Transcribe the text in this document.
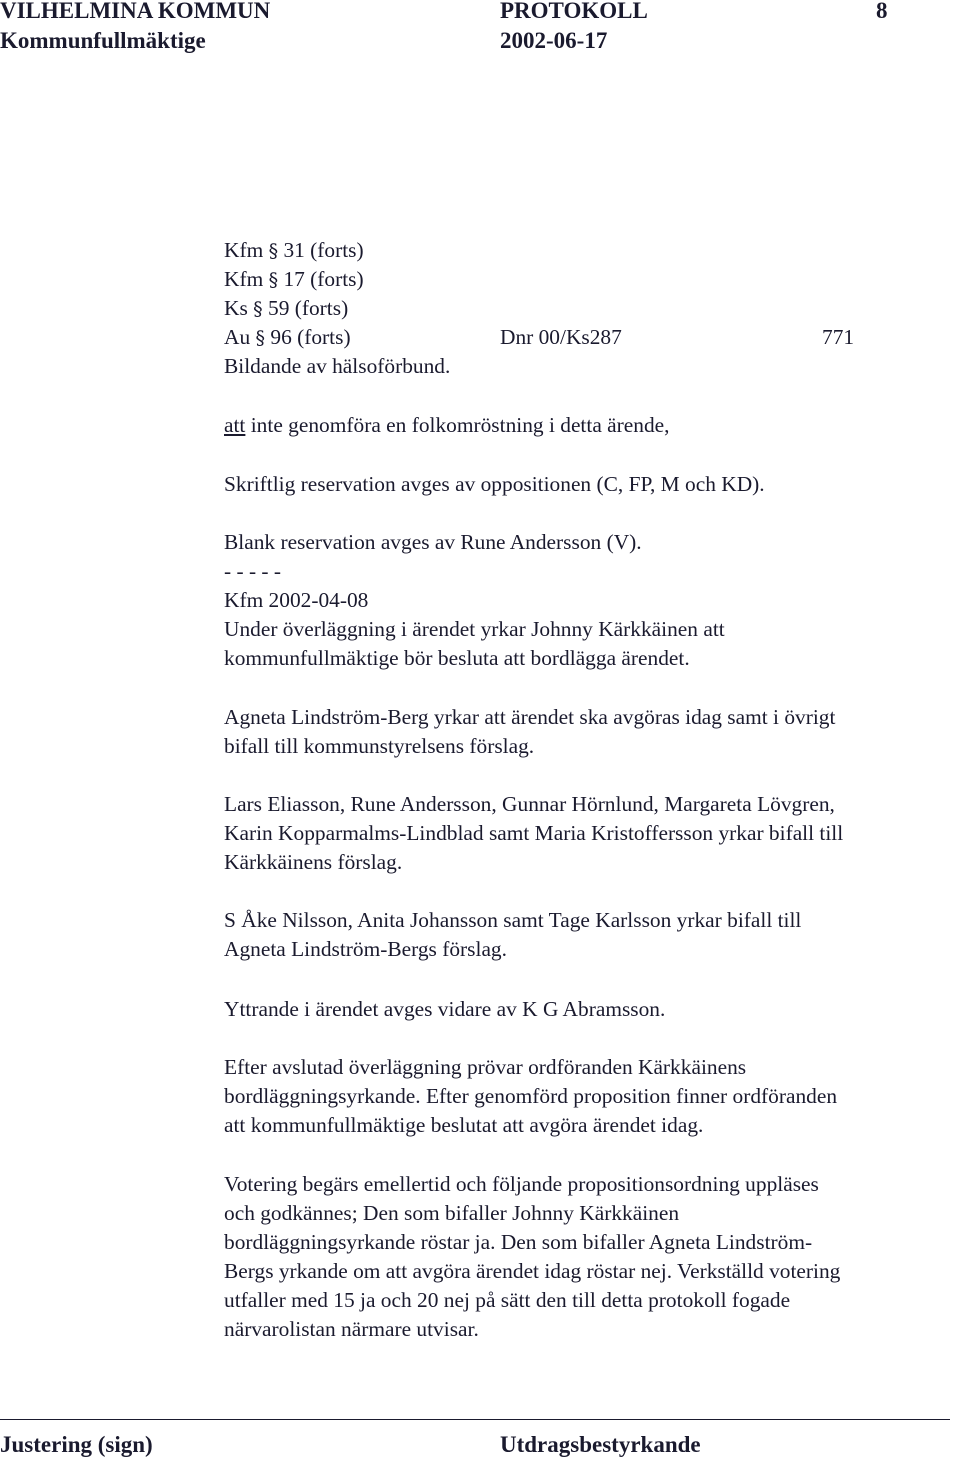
VILHELMINA KOMMUN	PROTOKOLL	8
Kommunfullmäktige	2002-06-17
Kfm § 31 (forts)
Kfm § 17 (forts)
Ks § 59 (forts)
Au § 96 (forts)	Dnr 00/Ks287	771
Bildande av hälsoförbund.
att inte genomföra en folkomröstning i detta ärende,
Skriftlig reservation avges av oppositionen (C, FP, M och KD).
Blank reservation avges av Rune Andersson (V).
- - - - -
Kfm 2002-04-08
Under överläggning i ärendet yrkar Johnny Kärkkäinen att
kommunfullmäktige bör besluta att bordlägga ärendet.
Agneta Lindström-Berg yrkar att ärendet ska avgöras idag samt i övrigt
bifall till kommunstyrelsens förslag.
Lars Eliasson, Rune Andersson, Gunnar Hörnlund, Margareta Lövgren,
Karin Kopparmalms-Lindblad samt Maria Kristoffersson yrkar bifall till
Kärkkäinens förslag.
S Åke Nilsson, Anita Johansson samt Tage Karlsson yrkar bifall till
Agneta Lindström-Bergs förslag.
Yttrande i ärendet avges vidare av K G Abramsson.
Efter avslutad överläggning prövar ordföranden Kärkkäinens
bordläggningsyrkande. Efter genomförd proposition finner ordföranden
att kommunfullmäktige beslutat att avgöra ärendet idag.
Votering begärs emellertid och följande propositionsordning uppläses
och godkännes; Den som bifaller Johnny Kärkkäinen
bordläggningsyrkande röstar ja. Den som bifaller Agneta Lindström-
Bergs yrkande om att avgöra ärendet idag röstar nej. Verkställd votering
utfaller med 15 ja och 20 nej på sätt den till detta protokoll fogade
närvarolistan närmare utvisar.
Justering (sign)	Utdragsbestyrkande
